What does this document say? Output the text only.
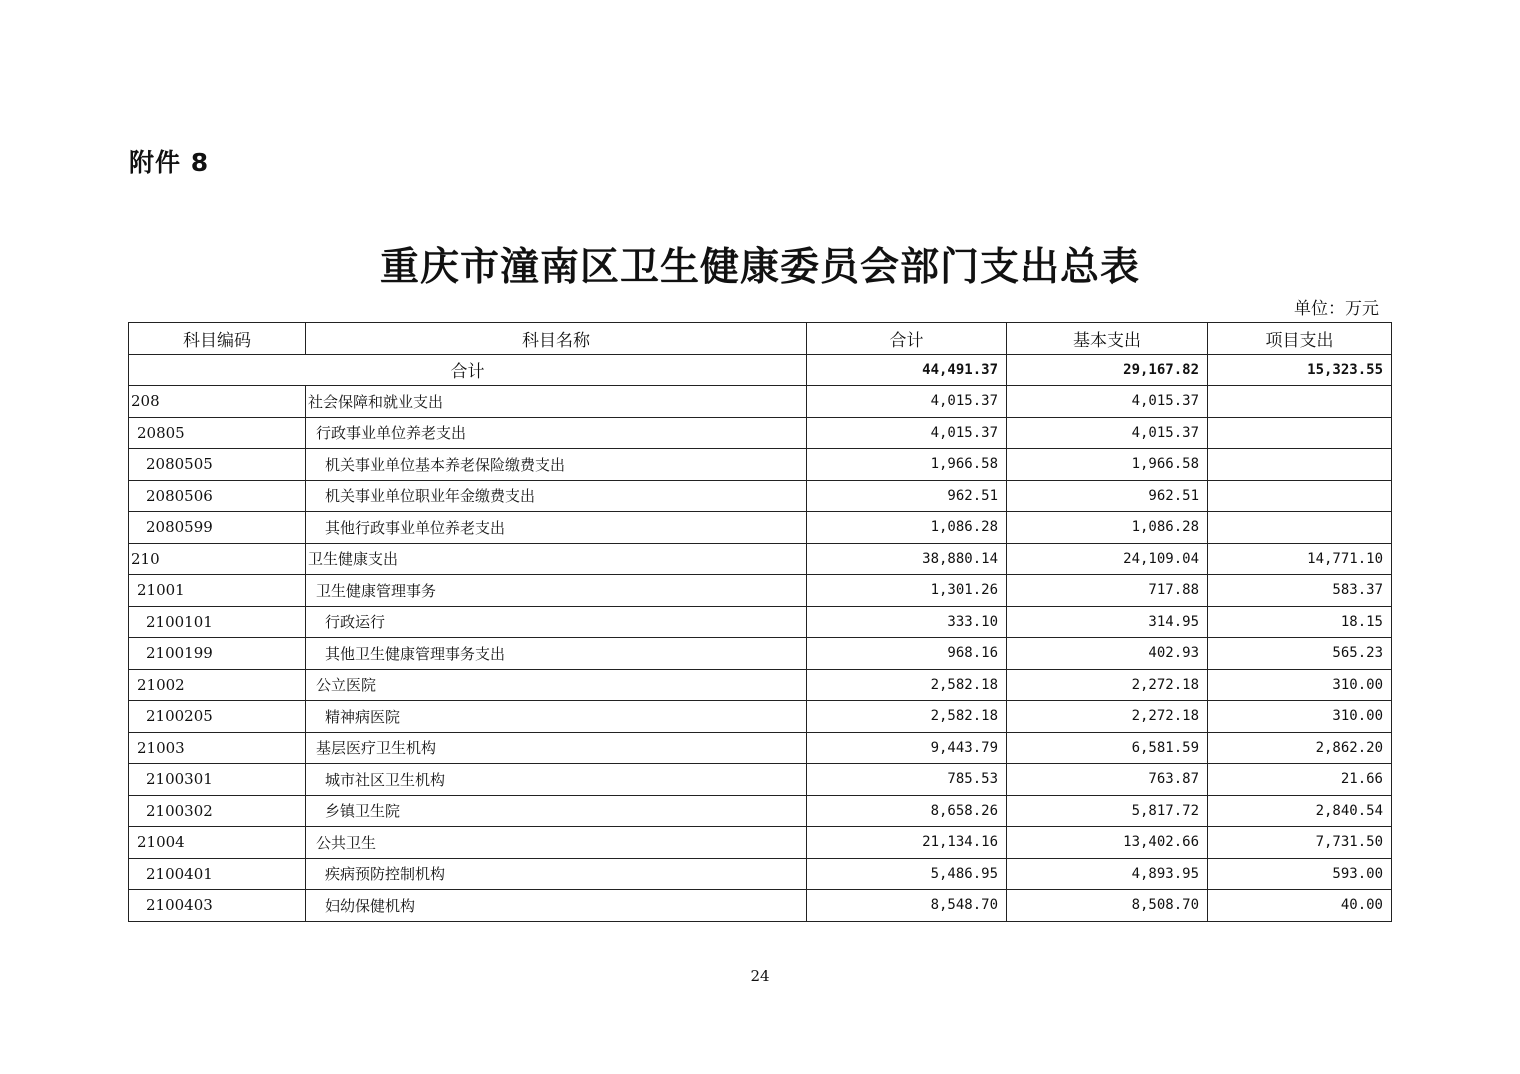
附件 8
重庆市潼南区卫生健康委员会部门支出总表
单位：万元
科目编码	科目名称	合计	基本支出	项目支出
合计		44,491.37	29,167.82	15,323.55
208	社会保障和就业支出	4,015.37	4,015.37	
20805	行政事业单位养老支出	4,015.37	4,015.37	
2080505	机关事业单位基本养老保险缴费支出	1,966.58	1,966.58	
2080506	机关事业单位职业年金缴费支出	962.51	962.51	
2080599	其他行政事业单位养老支出	1,086.28	1,086.28	
210	卫生健康支出	38,880.14	24,109.04	14,771.10
21001	卫生健康管理事务	1,301.26	717.88	583.37
2100101	行政运行	333.10	314.95	18.15
2100199	其他卫生健康管理事务支出	968.16	402.93	565.23
21002	公立医院	2,582.18	2,272.18	310.00
2100205	精神病医院	2,582.18	2,272.18	310.00
21003	基层医疗卫生机构	9,443.79	6,581.59	2,862.20
2100301	城市社区卫生机构	785.53	763.87	21.66
2100302	乡镇卫生院	8,658.26	5,817.72	2,840.54
21004	公共卫生	21,134.16	13,402.66	7,731.50
2100401	疾病预防控制机构	5,486.95	4,893.95	593.00
2100403	妇幼保健机构	8,548.70	8,508.70	40.00
24
